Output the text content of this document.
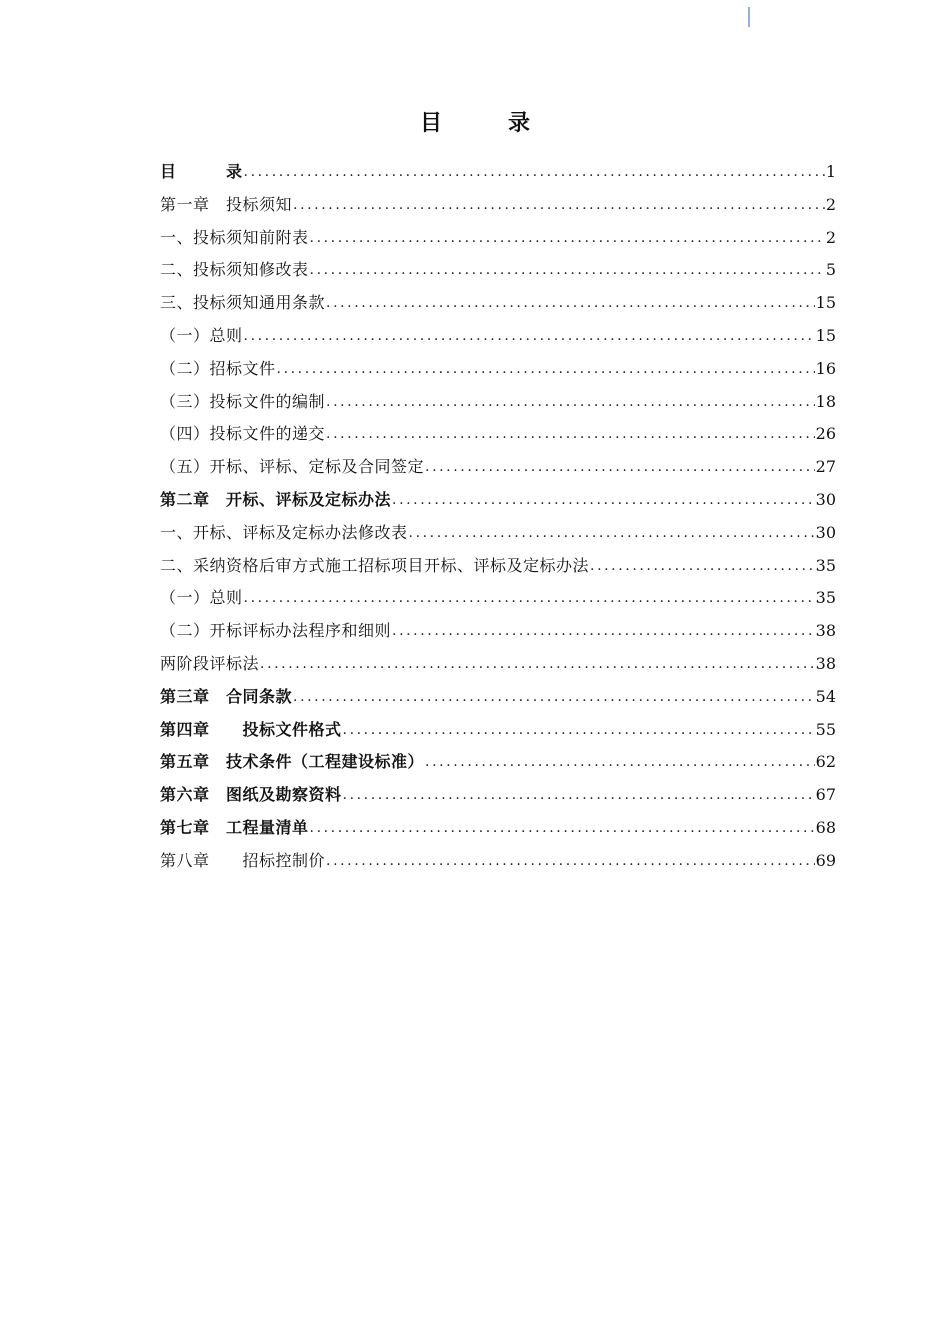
目	录
目　　　录 .....	1
第一章　投标须知 .....	2
一、投标须知前附表 .....	2
二、投标须知修改表 .....	5
三、投标须知通用条款 .....	15
（一）总则 .....	15
（二）招标文件 .....	16
（三）投标文件的编制 .....	18
（四）投标文件的递交 .....	26
（五）开标、评标、定标及合同签定 .....	27
第二章　开标、评标及定标办法 .....	30
一、开标、评标及定标办法修改表 .....	30
二、采纳资格后审方式施工招标项目开标、评标及定标办法 .....	35
（一）总则 .....	35
（二）开标评标办法程序和细则 .....	38
两阶段评标法 .....	38
第三章　合同条款 .....	54
第四章　　投标文件格式 .....	55
第五章　技术条件（工程建设标准） .....	62
第六章　图纸及勘察资料 .....	67
第七章　工程量清单 .....	68
第八章　　招标控制价 .....	69
